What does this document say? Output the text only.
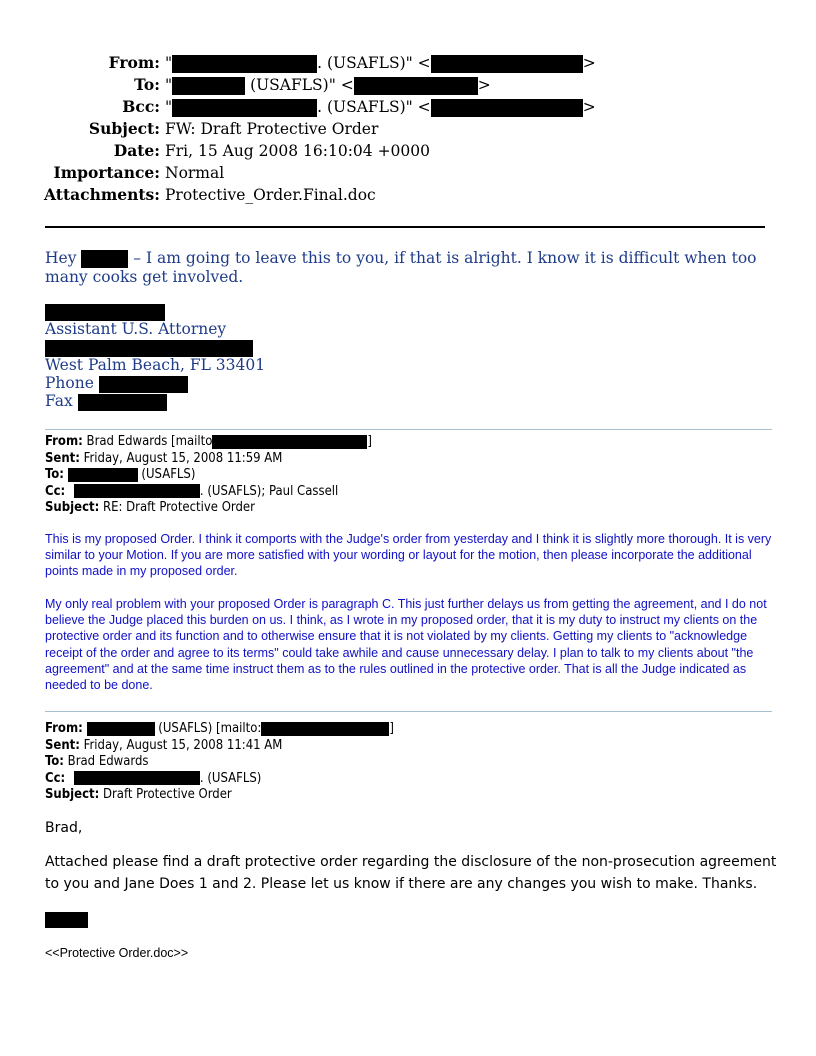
From: "	. (USAFLS)" <	>
To: "	(USAFLS)" <	>
Bcc: "	. (USAFLS)" <	>
Subject: FW: Draft Protective Order
Date: Fri, 15 Aug 2008 16:10:04 +0000
Importance: Normal
Attachments: Protective_Order.Final.doc
Hey	– I am going to leave this to you, if that is alright. I know it is difficult when too many cooks get involved.
Assistant U.S. Attorney
West Palm Beach, FL 33401
Phone
Fax
From: Brad Edwards [mailto	]
Sent: Friday, August 15, 2008 11:59 AM
To:	(USAFLS)
Cc:	. (USAFLS); Paul Cassell
Subject: RE: Draft Protective Order
This is my proposed Order. I think it comports with the Judge's order from yesterday and I think it is slightly more thorough. It is very similar to your Motion. If you are more satisfied with your wording or layout for the motion, then please incorporate the additional points made in my proposed order.
My only real problem with your proposed Order is paragraph C. This just further delays us from getting the agreement, and I do not believe the Judge placed this burden on us. I think, as I wrote in my proposed order, that it is my duty to instruct my clients on the protective order and its function and to otherwise ensure that it is not violated by my clients. Getting my clients to "acknowledge receipt of the order and agree to its terms" could take awhile and cause unnecessary delay. I plan to talk to my clients about "the agreement" and at the same time instruct them as to the rules outlined in the protective order. That is all the Judge indicated as needed to be done.
From:	(USAFLS) [mailto:	]
Sent: Friday, August 15, 2008 11:41 AM
To: Brad Edwards
Cc:	. (USAFLS)
Subject: Draft Protective Order
Brad,
Attached please find a draft protective order regarding the disclosure of the non-prosecution agreement to you and Jane Does 1 and 2. Please let us know if there are any changes you wish to make. Thanks.
<<Protective Order.doc>>
